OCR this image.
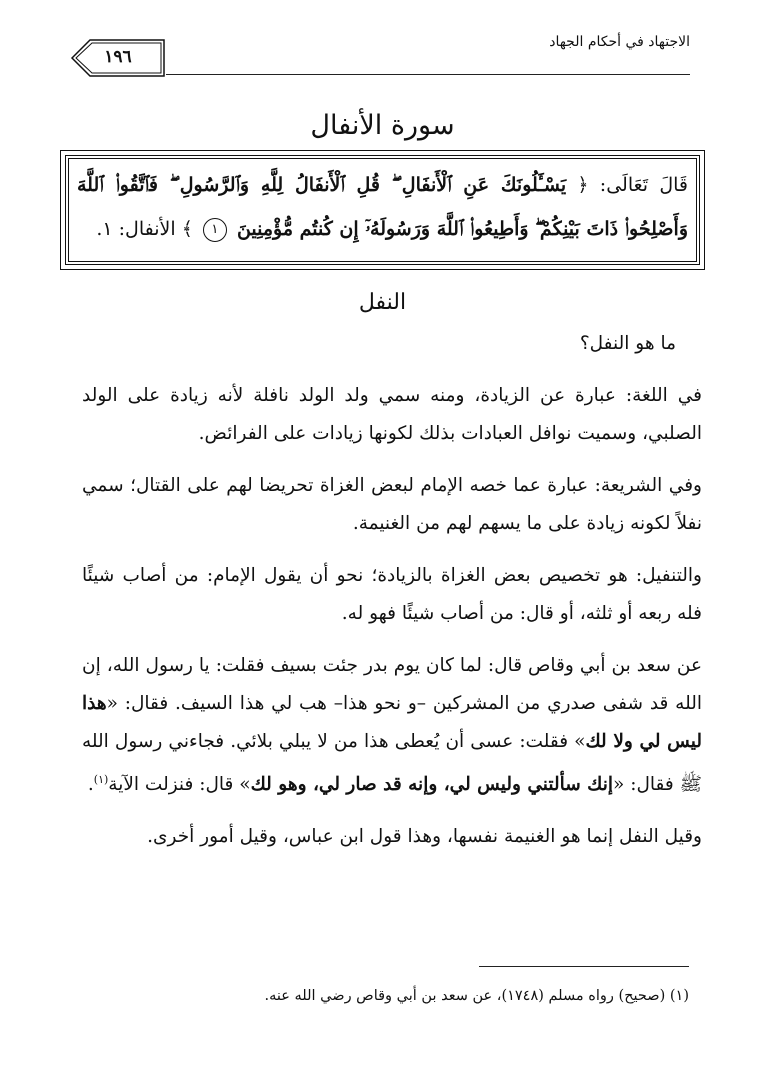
الاجتهاد في أحكام الجهاد
١٩٦
سورة الأنفال
قَالَ تَعَالَى: ﴿ يَسْـَٔلُونَكَ عَنِ ٱلْأَنفَالِ ۖ قُلِ ٱلْأَنفَالُ لِلَّهِ وَٱلرَّسُولِ ۖ فَٱتَّقُوا۟ ٱللَّهَ وَأَصْلِحُوا۟ ذَاتَ بَيْنِكُمْ ۖ وَأَطِيعُوا۟ ٱللَّهَ وَرَسُولَهُۥٓ إِن كُنتُم مُّؤْمِنِينَ ١ ﴾ الأنفال: ١.
النفل

ما هو النفل؟

في اللغة: عبارة عن الزيادة، ومنه سمي ولد الولد نافلة لأنه زيادة على الولد الصلبي، وسميت نوافل العبادات بذلك لكونها زيادات على الفرائض.

وفي الشريعة: عبارة عما خصه الإمام لبعض الغزاة تحريضا لهم على القتال؛ سمي نفلاً لكونه زيادة على ما يسهم لهم من الغنيمة.

والتنفيل: هو تخصيص بعض الغزاة بالزيادة؛ نحو أن يقول الإمام: من أصاب شيئًا فله ربعه أو ثلثه، أو قال: من أصاب شيئًا فهو له.

عن سعد بن أبي وقاص قال: لما كان يوم بدر جئت بسيف فقلت: يا رسول الله، إن الله قد شفى صدري من المشركين –و نحو هذا– هب لي هذا السيف. فقال: «هذا ليس لي ولا لك» فقلت: عسى أن يُعطى هذا من لا يبلي بلائي. فجاءني رسول الله ﷺ فقال: «إنك سألتني وليس لي، وإنه قد صار لي، وهو لك» قال: فنزلت الآية$^{(١)}$.

وقيل النفل إنما هو الغنيمة نفسها، وهذا قول ابن عباس، وقيل أمور أخرى.

(١) (صحيح) رواه مسلم (١٧٤٨)، عن سعد بن أبي وقاص رضي الله عنه.
